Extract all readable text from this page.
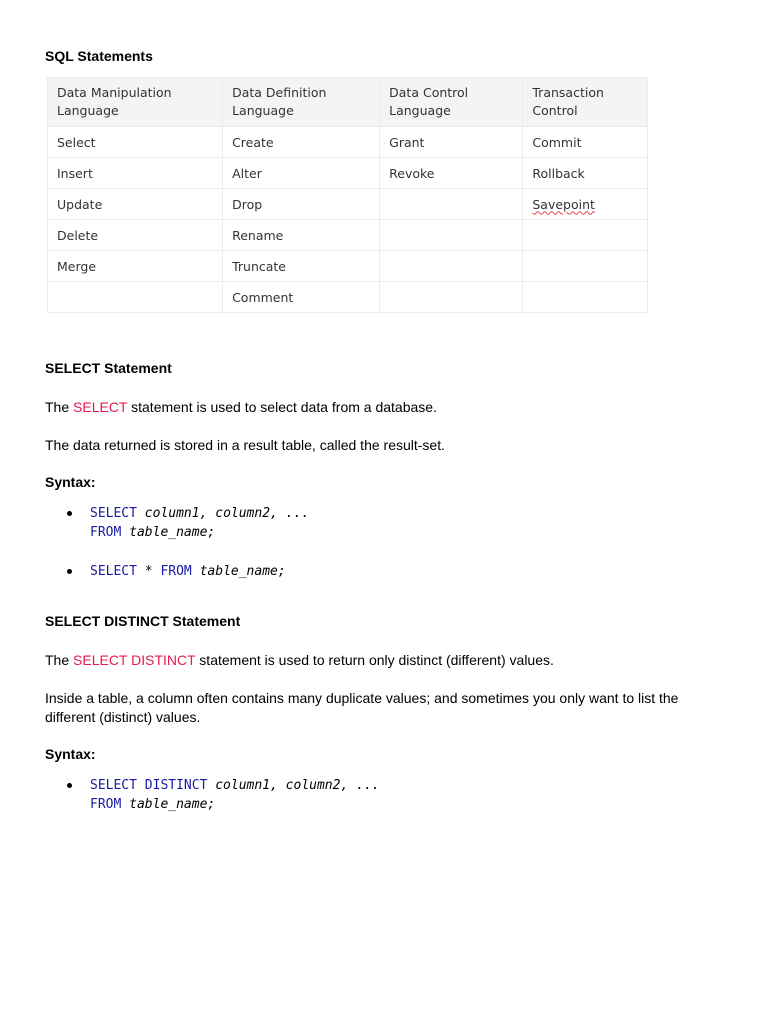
SQL Statements
Data Manipulation Language	Data Definition Language	Data Control Language	Transaction Control
Select	Create	Grant	Commit
Insert	Alter	Revoke	Rollback
Update	Drop		Savepoint
Delete	Rename		
Merge	Truncate		
	Comment		
SELECT Statement
The SELECT statement is used to select data from a database.
The data returned is stored in a result table, called the result-set.
Syntax:
SELECT column1, column2, ...
FROM table_name;
SELECT * FROM table_name;
SELECT DISTINCT Statement
The SELECT DISTINCT statement is used to return only distinct (different) values.
Inside a table, a column often contains many duplicate values; and sometimes you only want to list the different (distinct) values.
Syntax:
SELECT DISTINCT column1, column2, ...
FROM table_name;
